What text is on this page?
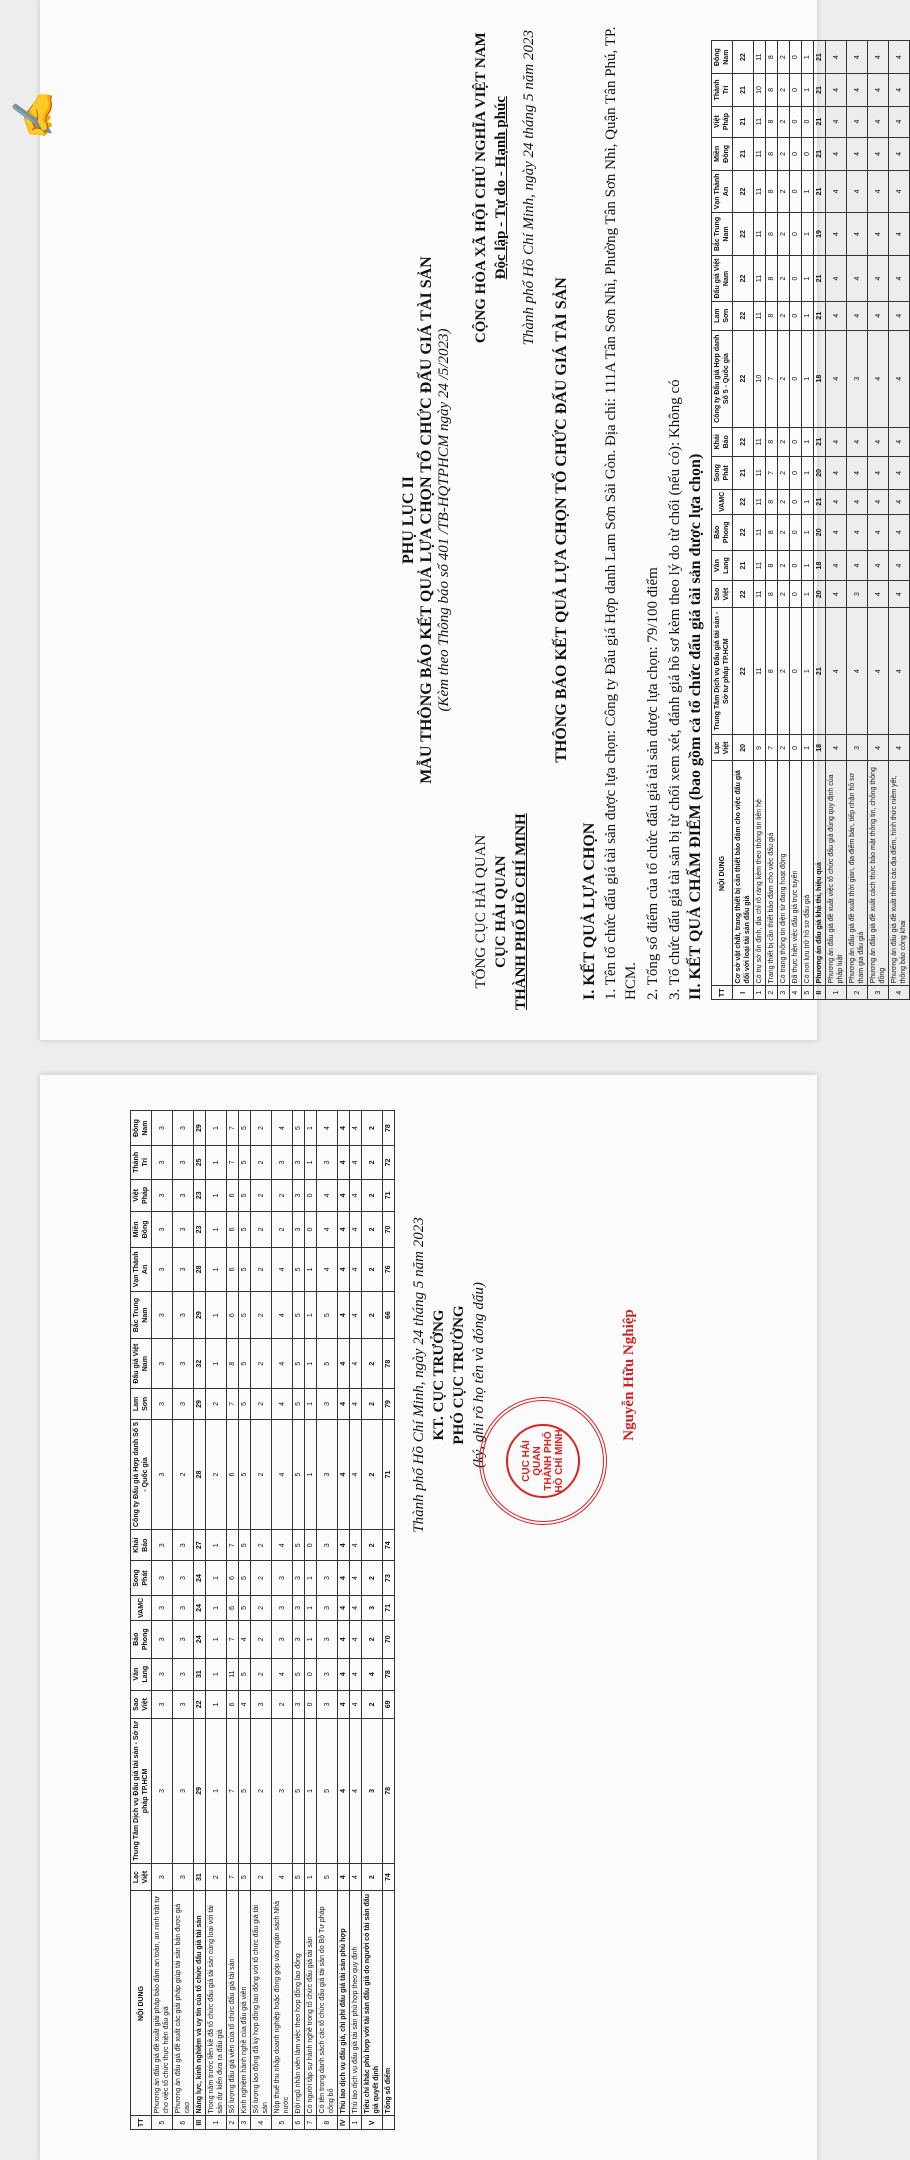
PHỤ LỤC II MẪU THÔNG BÁO KẾT QUẢ LỰA CHỌN TỔ CHỨC ĐẤU GIÁ TÀI SẢN (Kèm theo Thông báo số 401 /TB-HQTPHCM ngày 24 /5/2023)
TỔNG CỤC HẢI QUAN CỤC HẢI QUAN THÀNH PHỐ HỒ CHÍ MINH
CỘNG HÒA XÃ HỘI CHỦ NGHĨA VIỆT NAM Độc lập - Tự do - Hạnh phúc Thành phố Hồ Chí Minh, ngày 24 tháng 5 năm 2023
THÔNG BÁO KẾT QUẢ LỰA CHỌN TỔ CHỨC ĐẤU GIÁ TÀI SẢN
I. KẾT QUẢ LỰA CHỌN 1. Tên tổ chức đấu giá tài sản được lựa chọn: Công ty Đấu giá Hợp danh Lam Sơn Sài Gòn. Địa chỉ: 111A Tân Sơn Nhì, Phường Tân Sơn Nhì, Quận Tân Phú, TP. HCM. 2. Tổng số điểm của tổ chức đấu giá tài sản được lựa chọn: 79/100 điểm 3. Tổ chức đấu giá tài sản bị từ chối xem xét, đánh giá hồ sơ kèm theo lý do từ chối (nếu có): Không có II. KẾT QUẢ CHẤM ĐIỂM (bao gồm cả tổ chức đấu giá tài sản được lựa chọn) TT	NỘI DUNG	Lạc Việt	Trung Tâm Dịch vụ Đấu giá tài sản - Sở tư pháp TP.HCM	Sao Việt	Văn Lang	Bảo Phong	VAMC	Song Phát	Khải Bảo	Công ty Đấu giá Hợp danh Số 5 - Quốc gia	Lam Sơn	Đấu giá Việt Nam	Bắc Trung Nam	Vạn Thành An	Miền Đông	Việt Pháp	Thành Trí	Đông Nam
I	Cơ sở vật chất, trang thiết bị cần thiết bảo đảm cho việc đấu giá đối với loại tài sản đấu giá	20	22	22	21	22	22	21	22	22	22	22	22	22	21	21	21	22
1	Có trụ sở ổn định, địa chỉ rõ ràng kèm theo thông tin liên hệ	9	11	11	11	11	11	11	11	10	11	11	11	11	11	11	10	11
2	Trang thiết bị cần thiết bảo đảm cho việc đấu giá	7	8	8	8	8	8	7	8	7	8	8	8	8	8	8	8	8
3	Có trang thông tin điện tử đang hoạt động	2	2	2	2	2	2	2	2	2	2	2	2	2	2	2	2	2
4	Đã thực hiện việc đấu giá trực tuyến	0	0	0	0	0	0	0	0	0	0	0	0	0	0	0	0	0
5	Có nơi lưu trữ hồ sơ đấu giá	1	1	1	1	1	1	1	1	1	1	1	1	1	0	0	1	1
II	Phương án đấu giá khả thi, hiệu quả	18	21	20	18	20	21	20	21	18	21	21	19	21	21	21	21	21
1	Phương án đấu giá đề xuất việc tổ chức đấu giá đúng quy định của pháp luật	4	4	4	4	4	4	4	4	4	4	4	4	4	4	4	4	4
2	Phương án đấu giá đề xuất thời gian, địa điểm bán, tiếp nhận hồ sơ tham gia đấu giá	3	4	3	4	4	4	4	4	3	4	4	4	4	4	4	4	4
3	Phương án đấu giá đề xuất cách thức bảo mật thông tin, chống thông đồng	4	4	4	4	4	4	4	4	4	4	4	4	4	4	4	4	4
4	Phương án đấu giá đề xuất thêm các địa điểm, hình thức niêm yết, thông báo công khai	4	4	4	4	4	4	4	4	4	4	4	4	4	4	4	4	4
✍
TT	NỘI DUNG	Lạc Việt	Trung Tâm Dịch vụ Đấu giá tài sản - Sở tư pháp TP.HCM	Sao Việt	Văn Lang	Bảo Phong	VAMC	Song Phát	Khải Bảo	Công ty Đấu giá Hợp danh Số 5 - Quốc gia	Lam Sơn	Đấu giá Việt Nam	Bắc Trung Nam	Vạn Thành An	Miền Đông	Việt Pháp	Thành Trí	Đông Nam
5	Phương án đấu giá đề xuất giải pháp bảo đảm an toàn, an ninh trật tự cho việc tổ chức thực hiện đấu giá	3	3	3	3	3	3	3	3	3	3	3	3	3	3	3	3	3
6	Phương án đấu giá đề xuất các giải pháp giúp tài sản bán được giá cao	3	3	3	3	3	3	3	3	2	3	3	3	3	3	3	3	3
III	Năng lực, kinh nghiệm và uy tín của tổ chức đấu giá tài sản	31	29	22	31	24	24	24	27	28	29	32	29	28	23	23	25	29
1	Trong năm trước liền kề đã tổ chức đấu giá tài sản cùng loại với tài sản dự kiến đưa ra đấu giá	2	1	1	1	1	1	1	1	2	2	1	1	1	1	1	1	1
2	Số lượng đấu giá viên của tổ chức đấu giá tài sản	7	7	6	11	7	6	6	7	6	7	8	6	6	6	6	7	7
3	Kinh nghiệm hành nghề của đấu giá viên	5	5	4	5	4	5	5	5	5	5	5	5	5	5	5	5	5
4	Số lượng lao động đã ký hợp đồng lao động với tổ chức đấu giá tài sản	2	2	3	2	2	2	2	2	2	2	2	2	2	2	2	2	2
5	Nộp thuế thu nhập doanh nghiệp hoặc đóng góp vào ngân sách Nhà nước	4	3	2	4	3	3	3	4	4	4	4	4	4	2	2	3	4
6	Đội ngũ nhân viên làm việc theo hợp đồng lao động	5	5	3	5	3	3	3	5	5	5	5	5	5	3	3	3	5
7	Có người tập sự hành nghề trong tổ chức đấu giá tài sản	1	1	0	0	1	1	1	0	1	1	1	1	1	0	0	1	1
8	Có tên trong danh sách các tổ chức đấu giá tài sản do Bộ Tư pháp công bố	5	5	3	3	3	3	3	3	3	3	5	5	4	4	4	3	4
IV	Thù lao dịch vụ đấu giá, chi phí đấu giá tài sản phù hợp	4	4	4	4	4	4	4	4	4	4	4	4	4	4	4	4	4
1	Thù lao dịch vụ đấu giá tài sản phù hợp theo quy định	4	4	4	4	4	4	4	4	4	4	4	4	4	4	4	4	4
V	Tiêu chí khác phù hợp với tài sản đấu giá do người có tài sản đấu giá quyết định	2	3	2	4	2	3	2	2	2	2	2	2	2	2	2	2	2
	Tổng số điểm	74	78	69	78	70	71	73	74	71	79	78	66	76	70	71	72	78
Thành phố Hồ Chí Minh, ngày 24 tháng 5 năm 2023 KT. CỤC TRƯỞNG PHÓ CỤC TRƯỞNG (ký, ghi rõ họ tên và đóng dấu)	CỤC HẢI QUAN THÀNH PHỐ HỒ CHÍ MINH
Nguyễn Hữu Nghiệp
